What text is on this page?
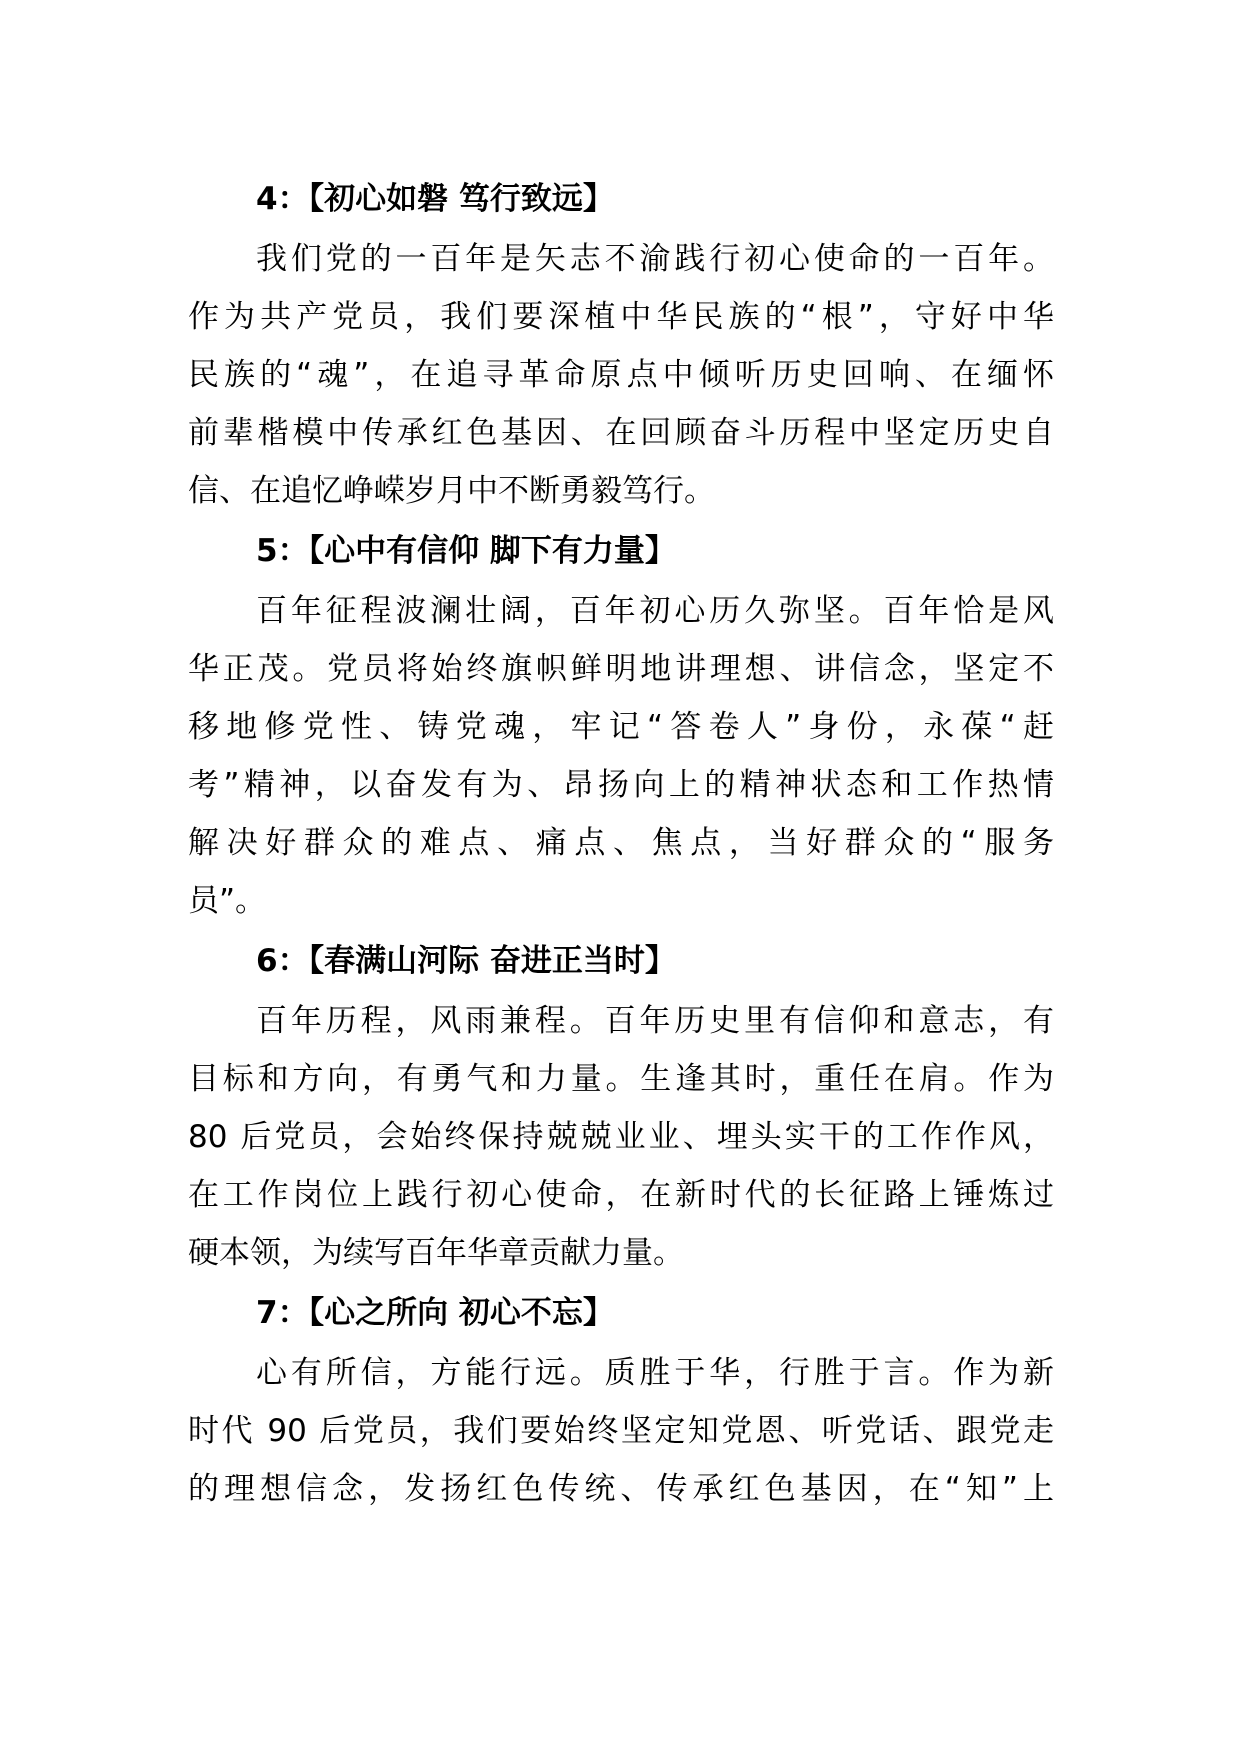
4：【初心如磐 笃行致远】

我们党的一百年是矢志不渝践行初心使命的一百年。
作为共产党员，我们要深植中华民族的“根”，守好中华
民族的“魂”，在追寻革命原点中倾听历史回响、在缅怀
前辈楷模中传承红色基因、在回顾奋斗历程中坚定历史自
信、在追忆峥嵘岁月中不断勇毅笃行。

5：【心中有信仰 脚下有力量】

百年征程波澜壮阔，百年初心历久弥坚。百年恰是风
华正茂。党员将始终旗帜鲜明地讲理想、讲信念，坚定不
移地修党性、铸党魂，牢记“答卷人”身份，永葆“赶
考”精神，以奋发有为、昂扬向上的精神状态和工作热情
解决好群众的难点、痛点、焦点，当好群众的“服务
员”。

6：【春满山河际 奋进正当时】

百年历程，风雨兼程。百年历史里有信仰和意志，有
目标和方向，有勇气和力量。生逢其时，重任在肩。作为
80 后党员，会始终保持兢兢业业、埋头实干的工作作风，
在工作岗位上践行初心使命，在新时代的长征路上锤炼过
硬本领，为续写百年华章贡献力量。

7：【心之所向 初心不忘】

心有所信，方能行远。质胜于华，行胜于言。作为新
时代 90 后党员，我们要始终坚定知党恩、听党话、跟党走
的理想信念，发扬红色传统、传承红色基因，在“知”上
